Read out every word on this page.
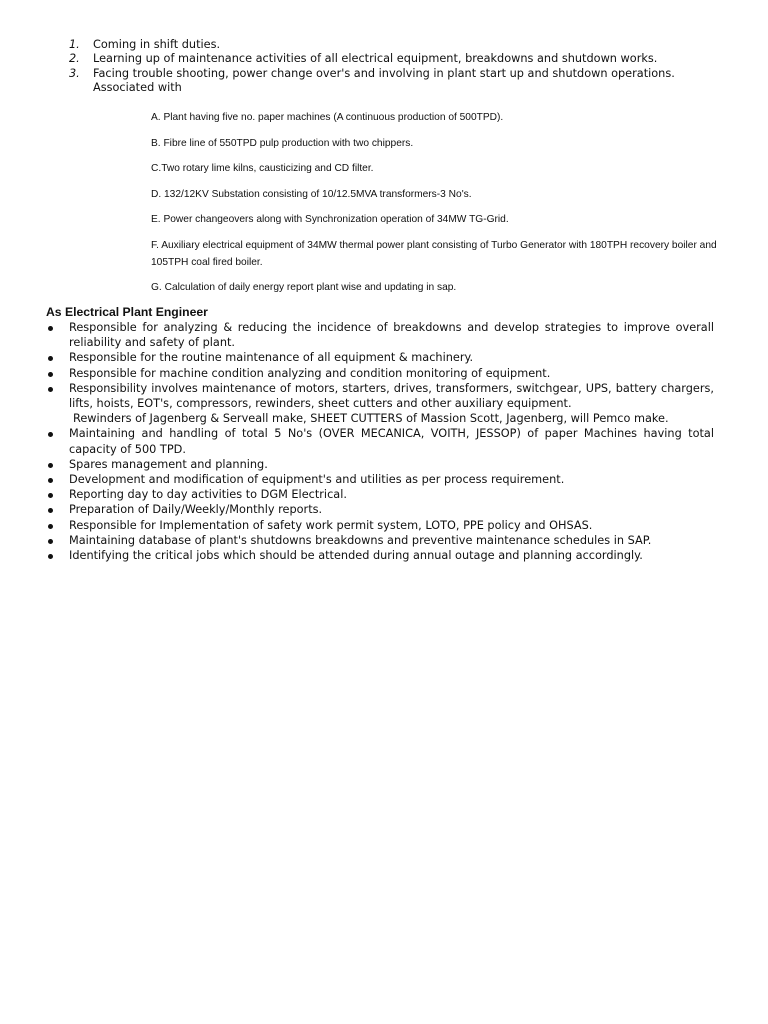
1. Coming in shift duties.
2. Learning up of maintenance activities of all electrical equipment, breakdowns and shutdown works.
3. Facing trouble shooting, power change over's and involving in plant start up and shutdown operations. Associated with
A. Plant having five no. paper machines (A continuous production of 500TPD).
B. Fibre line of 550TPD pulp production with two chippers.
C.Two rotary lime kilns, causticizing and CD filter.
D. 132/12KV Substation consisting of 10/12.5MVA transformers-3 No's.
E. Power changeovers along with Synchronization operation of 34MW TG-Grid.
F. Auxiliary electrical equipment of 34MW thermal power plant consisting of Turbo Generator with 180TPH recovery boiler and 105TPH coal fired boiler.
G. Calculation of daily energy report plant wise and updating in sap.
As Electrical Plant Engineer
Responsible for analyzing & reducing the incidence of breakdowns and develop strategies to improve overall reliability and safety of plant.
Responsible for the routine maintenance of all equipment & machinery.
Responsible for machine condition analyzing and condition monitoring of equipment.
Responsibility involves maintenance of motors, starters, drives, transformers, switchgear, UPS, battery chargers, lifts, hoists, EOT's, compressors, rewinders, sheet cutters and other auxiliary equipment.
Rewinders of Jagenberg & Serveall make, SHEET CUTTERS of Massion Scott, Jagenberg, will Pemco make.
Maintaining and handling of total 5 No's (OVER MECANICA, VOITH, JESSOP) of paper Machines having total capacity of 500 TPD.
Spares management and planning.
Development and modification of equipment's and utilities as per process requirement.
Reporting day to day activities to DGM Electrical.
Preparation of Daily/Weekly/Monthly reports.
Responsible for Implementation of safety work permit system, LOTO, PPE policy and OHSAS.
Maintaining database of plant's shutdowns breakdowns and preventive maintenance schedules in SAP.
Identifying the critical jobs which should be attended during annual outage and planning accordingly.
